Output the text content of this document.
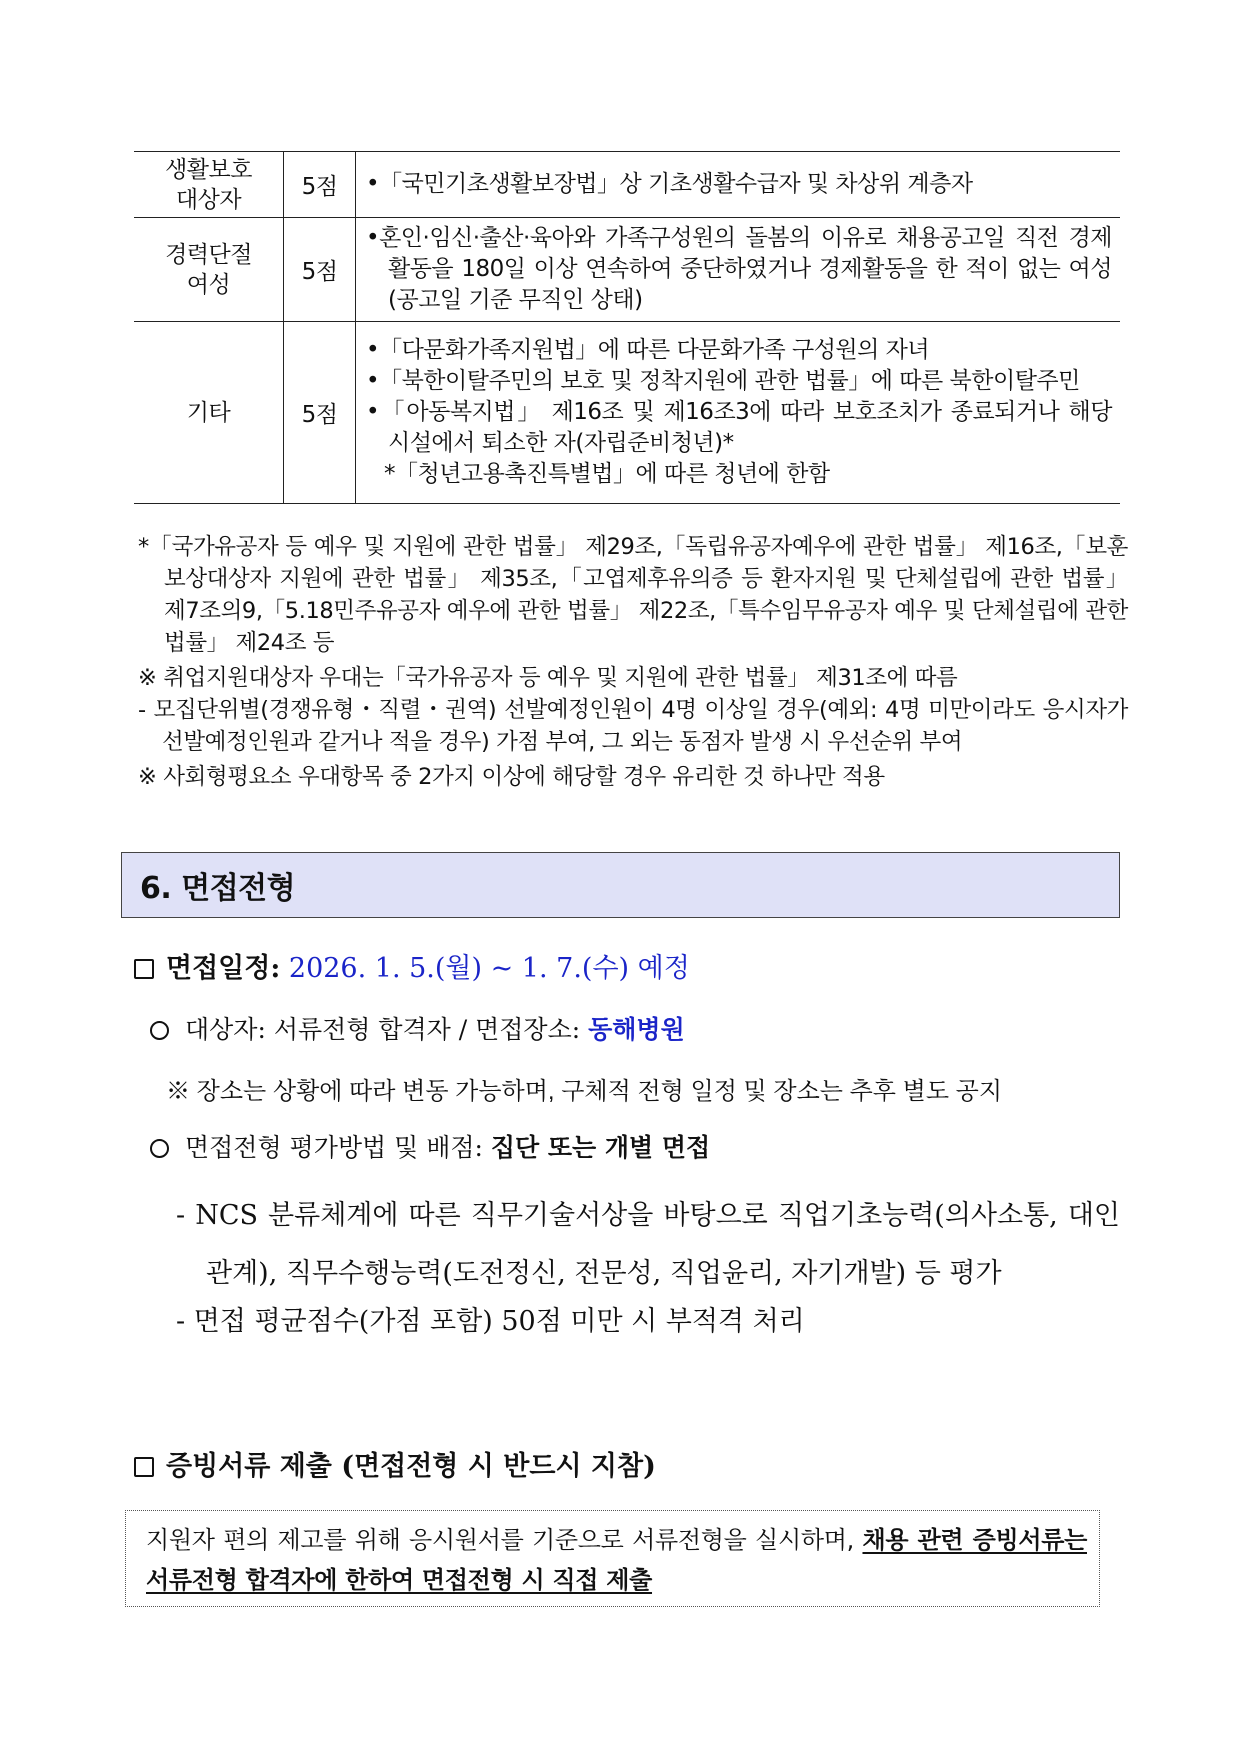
생활보호
대상자	5점	•「국민기초생활보장법」상 기초생활수급자 및 차상위 계층자

경력단절
여성	5점	•혼인·임신·출산·육아와 가족구성원의 돌봄의 이유로 채용공고일 직전 경제활동을 180일 이상 연속하여 중단하였거나 경제활동을 한 적이 없는 여성(공고일 기준 무직인 상태)

기타	5점	•「다문화가족지원법」에 따른 다문화가족 구성원의 자녀
•「북한이탈주민의 보호 및 정착지원에 관한 법률」에 따른 북한이탈주민
•「아동복지법」 제16조 및 제16조3에 따라 보호조치가 종료되거나 해당 시설에서 퇴소한 자(자립준비청년)*
*「청년고용촉진특별법」에 따른 청년에 한함

*「국가유공자 등 예우 및 지원에 관한 법률」 제29조,「독립유공자예우에 관한 법률」 제16조,「보훈보상대상자 지원에 관한 법률」 제35조,「고엽제후유의증 등 환자지원 및 단체설립에 관한 법률」 제7조의9,「5.18민주유공자 예우에 관한 법률」 제22조,「특수임무유공자 예우 및 단체설립에 관한 법률」 제24조 등

※ 취업지원대상자 우대는「국가유공자 등 예우 및 지원에 관한 법률」 제31조에 따름

- 모집단위별(경쟁유형・직렬・권역) 선발예정인원이 4명 이상일 경우(예외: 4명 미만이라도 응시자가 선발예정인원과 같거나 적을 경우) 가점 부여, 그 외는 동점자 발생 시 우선순위 부여

※ 사회형평요소 우대항목 중 2가지 이상에 해당할 경우 유리한 것 하나만 적용

6. 면접전형
면접일정: 2026. 1. 5.(월) ~ 1. 7.(수) 예정
대상자: 서류전형 합격자 / 면접장소: 동해병원
※ 장소는 상황에 따라 변동 가능하며, 구체적 전형 일정 및 장소는 추후 별도 공지
면접전형 평가방법 및 배점: 집단 또는 개별 면접
- NCS 분류체계에 따른 직무기술서상을 바탕으로 직업기초능력(의사소통, 대인관계), 직무수행능력(도전정신, 전문성, 직업윤리, 자기개발) 등 평가
- 면접 평균점수(가점 포함) 50점 미만 시 부적격 처리
증빙서류 제출 (면접전형 시 반드시 지참)
지원자 편의 제고를 위해 응시원서를 기준으로 서류전형을 실시하며, 채용 관련 증빙서류는 서류전형 합격자에 한하여 면접전형 시 직접 제출
